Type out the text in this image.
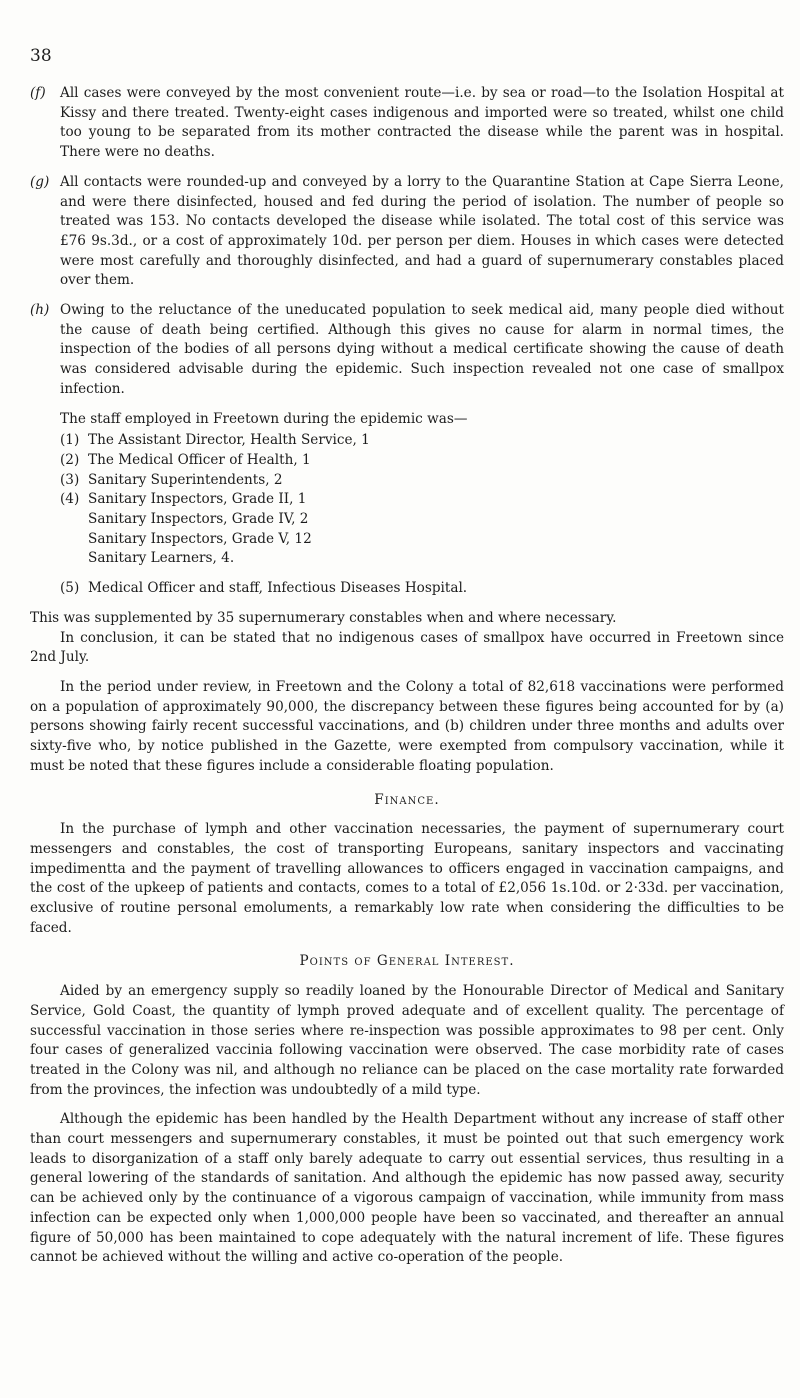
38
(f)	All cases were conveyed by the most convenient route—i.e. by sea or road—to the Isolation Hospital at Kissy and there treated. Twenty-eight cases indigenous and imported were so treated, whilst one child too young to be separated from its mother contracted the disease while the parent was in hospital. There were no deaths.

(g) All contacts were rounded-up and conveyed by a lorry to the Quarantine Station at Cape Sierra Leone, and were there disinfected, housed and fed during the period of isolation. The number of people so treated was 153. No contacts developed the disease while isolated. The total cost of this service was £76 9s.3d., or a cost of approximately 10d. per person per diem. Houses in which cases were detected were most carefully and thoroughly disinfected, and had a guard of supernumerary constables placed over them.

(h) Owing to the reluctance of the uneducated population to seek medical aid, many people died without the cause of death being certified. Although this gives no cause for alarm in normal times, the inspection of the bodies of all persons dying without a medical certificate showing the cause of death was considered advisable during the epidemic. Such inspection revealed not one case of smallpox infection.

The staff employed in Freetown during the epidemic was—

(1) The Assistant Director, Health Service, 1
(2) The Medical Officer of Health, 1
(3) Sanitary Superintendents, 2
(4) Sanitary Inspectors, Grade II, 1
Sanitary Inspectors, Grade IV, 2
Sanitary Inspectors, Grade V, 12
Sanitary Learners, 4.
(5) Medical Officer and staff, Infectious Diseases Hospital.

This was supplemented by 35 supernumerary constables when and where necessary.

In conclusion, it can be stated that no indigenous cases of smallpox have occurred in Freetown since 2nd July.

In the period under review, in Freetown and the Colony a total of 82,618 vaccinations were performed on a population of approximately 90,000, the discrepancy between these figures being accounted for by (a) persons showing fairly recent successful vaccinations, and (b) children under three months and adults over sixty-five who, by notice published in the Gazette, were exempted from compulsory vaccination, while it must be noted that these figures include a considerable floating population.

Finance.

In the purchase of lymph and other vaccination necessaries, the payment of supernumerary court messengers and constables, the cost of transporting Europeans, sanitary inspectors and vaccinating impedimentta and the payment of travelling allowances to officers engaged in vaccination campaigns, and the cost of the upkeep of patients and contacts, comes to a total of £2,056 1s.10d. or 2·33d. per vaccination, exclusive of routine personal emoluments, a remarkably low rate when considering the difficulties to be faced.

Points of General Interest.

Aided by an emergency supply so readily loaned by the Honourable Director of Medical and Sanitary Service, Gold Coast, the quantity of lymph proved adequate and of excellent quality. The percentage of successful vaccination in those series where re-inspection was possible approximates to 98 per cent. Only four cases of generalized vaccinia following vaccination were observed. The case morbidity rate of cases treated in the Colony was nil, and although no reliance can be placed on the case mortality rate forwarded from the provinces, the infection was undoubtedly of a mild type.

Although the epidemic has been handled by the Health Department without any increase of staff other than court messengers and supernumerary constables, it must be pointed out that such emergency work leads to disorganization of a staff only barely adequate to carry out essential services, thus resulting in a general lowering of the standards of sanitation. And although the epidemic has now passed away, security can be achieved only by the continuance of a vigorous campaign of vaccination, while immunity from mass infection can be expected only when 1,000,000 people have been so vaccinated, and thereafter an annual figure of 50,000 has been maintained to cope adequately with the natural increment of life. These figures cannot be achieved without the willing and active co-operation of the people.
